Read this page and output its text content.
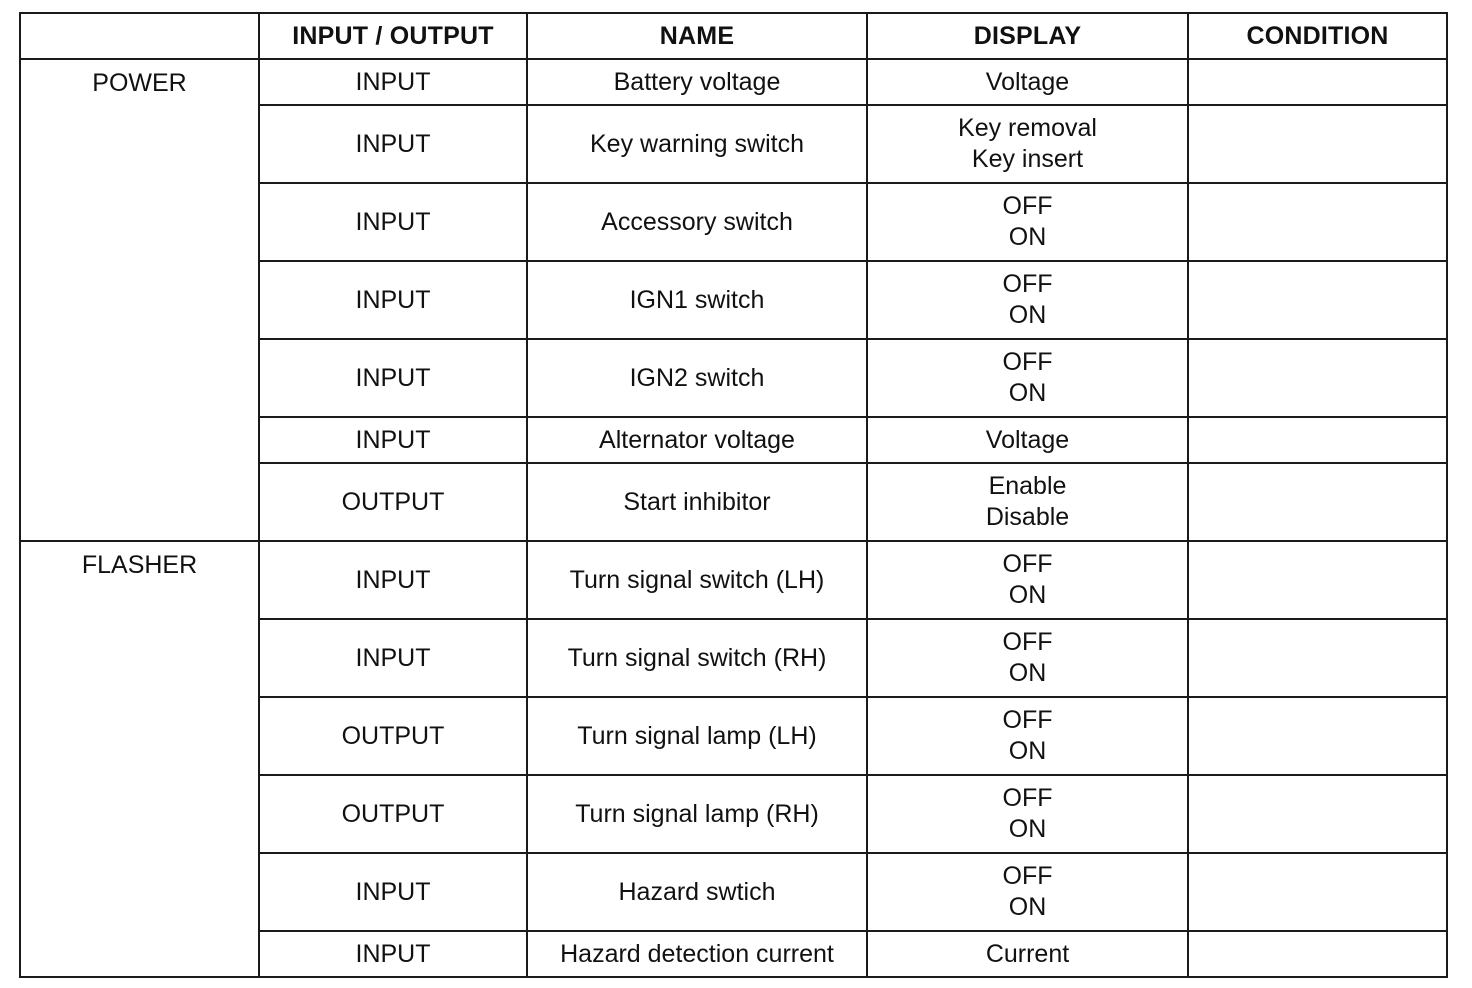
	INPUT / OUTPUT	NAME	DISPLAY	CONDITION
POWER	INPUT	Battery voltage	Voltage	

	INPUT	Key warning switch	Key removal
Key insert	

	INPUT	Accessory switch	OFF
ON	

	INPUT	IGN1 switch	OFF
ON	

	INPUT	IGN2 switch	OFF
ON	

	INPUT	Alternator voltage	Voltage	

	OUTPUT	Start inhibitor	Enable
Disable	

FLASHER	INPUT	Turn signal switch (LH)	OFF
ON	

	INPUT	Turn signal switch (RH)	OFF
ON	

	OUTPUT	Turn signal lamp (LH)	OFF
ON	

	OUTPUT	Turn signal lamp (RH)	OFF
ON	

	INPUT	Hazard swtich	OFF
ON	

	INPUT	Hazard detection current	Current	
